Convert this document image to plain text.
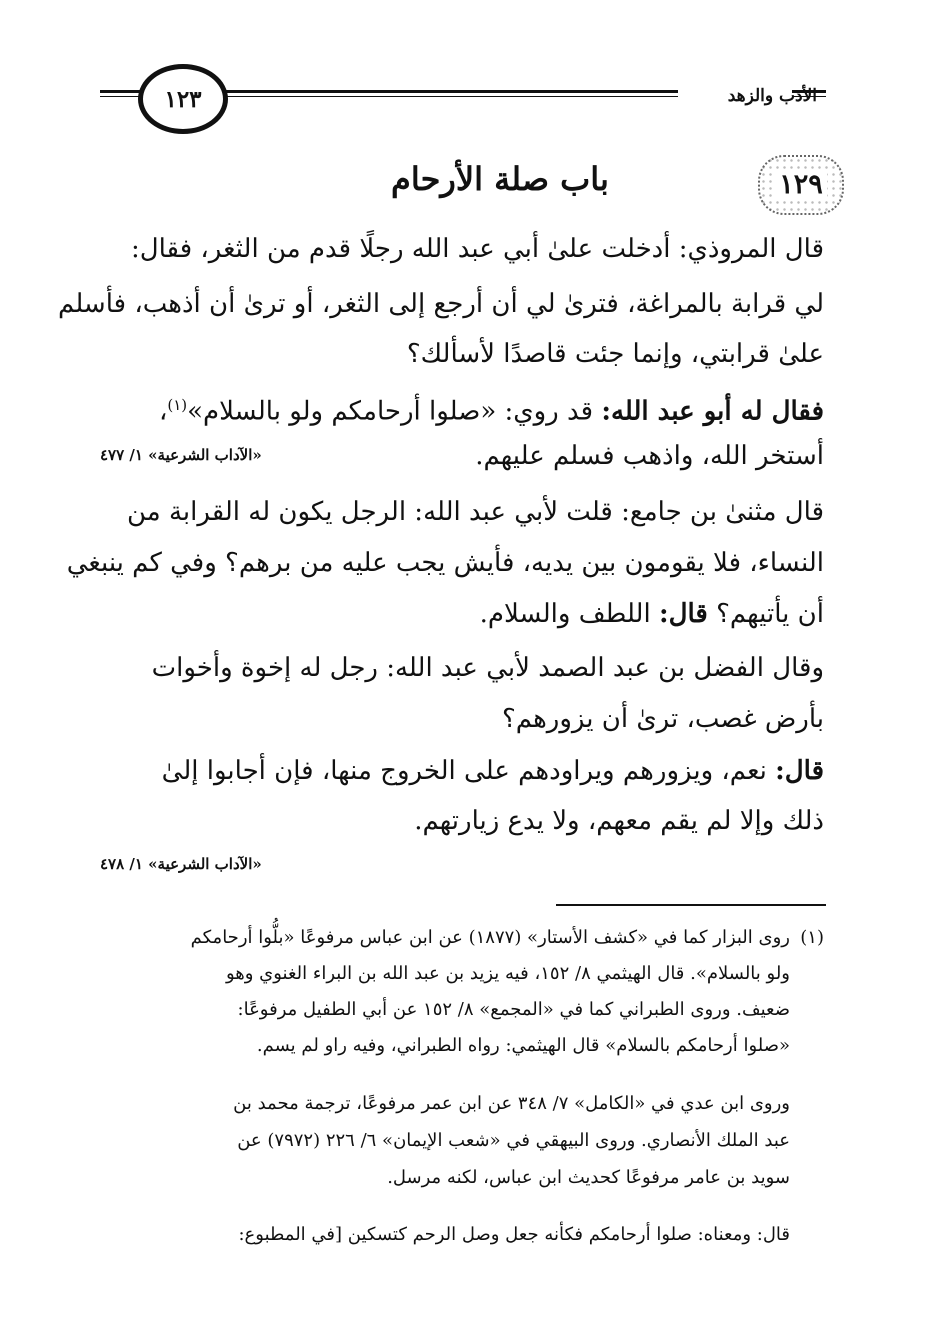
الأدب والزهد
١٢٣
١٢٩
باب صلة الأرحام
قال المروذي: أدخلت علىٰ أبي عبد الله رجلًا قدم من الثغر، فقال:
لي قرابة بالمراغة، فترىٰ لي أن أرجع إلى الثغر، أو ترىٰ أن أذهب، فأسلم
علىٰ قرابتي، وإنما جئت قاصدًا لأسألك؟
فقال له أبو عبد الله: قد روي: «صلوا أرحامكم ولو بالسلام»$^{(١)}$،
أستخر الله، واذهب فسلم عليهم.
«الآداب الشرعية» ١/ ٤٧٧
قال مثنىٰ بن جامع: قلت لأبي عبد الله: الرجل يكون له القرابة من
النساء، فلا يقومون بين يديه، فأيش يجب عليه من برهم؟ وفي كم ينبغي
أن يأتيهم؟ قال: اللطف والسلام.
وقال الفضل بن عبد الصمد لأبي عبد الله: رجل له إخوة وأخوات
بأرض غصب، ترىٰ أن يزورهم؟
قال: نعم، ويزورهم ويراودهم على الخروج منها، فإن أجابوا إلىٰ
ذلك وإلا لم يقم معهم، ولا يدع زيارتهم.
«الآداب الشرعية» ١/ ٤٧٨
(١)
روى البزار كما في «كشف الأستار» (١٨٧٧) عن ابن عباس مرفوعًا «بلُّوا أرحامكم
ولو بالسلام». قال الهيثمي ٨/ ١٥٢، فيه يزيد بن عبد الله بن البراء الغنوي وهو
ضعيف. وروى الطبراني كما في «المجمع» ٨/ ١٥٢ عن أبي الطفيل مرفوعًا:
«صلوا أرحامكم بالسلام» قال الهيثمي: رواه الطبراني، وفيه راو لم يسم.
وروى ابن عدي في «الكامل» ٧/ ٣٤٨ عن ابن عمر مرفوعًا، ترجمة محمد بن
عبد الملك الأنصاري. وروى البيهقي في «شعب الإيمان» ٦/ ٢٢٦ (٧٩٧٢) عن
سويد بن عامر مرفوعًا كحديث ابن عباس، لكنه مرسل.
قال: ومعناه: صلوا أرحامكم فكأنه جعل وصل الرحم كتسكين [في المطبوع:
